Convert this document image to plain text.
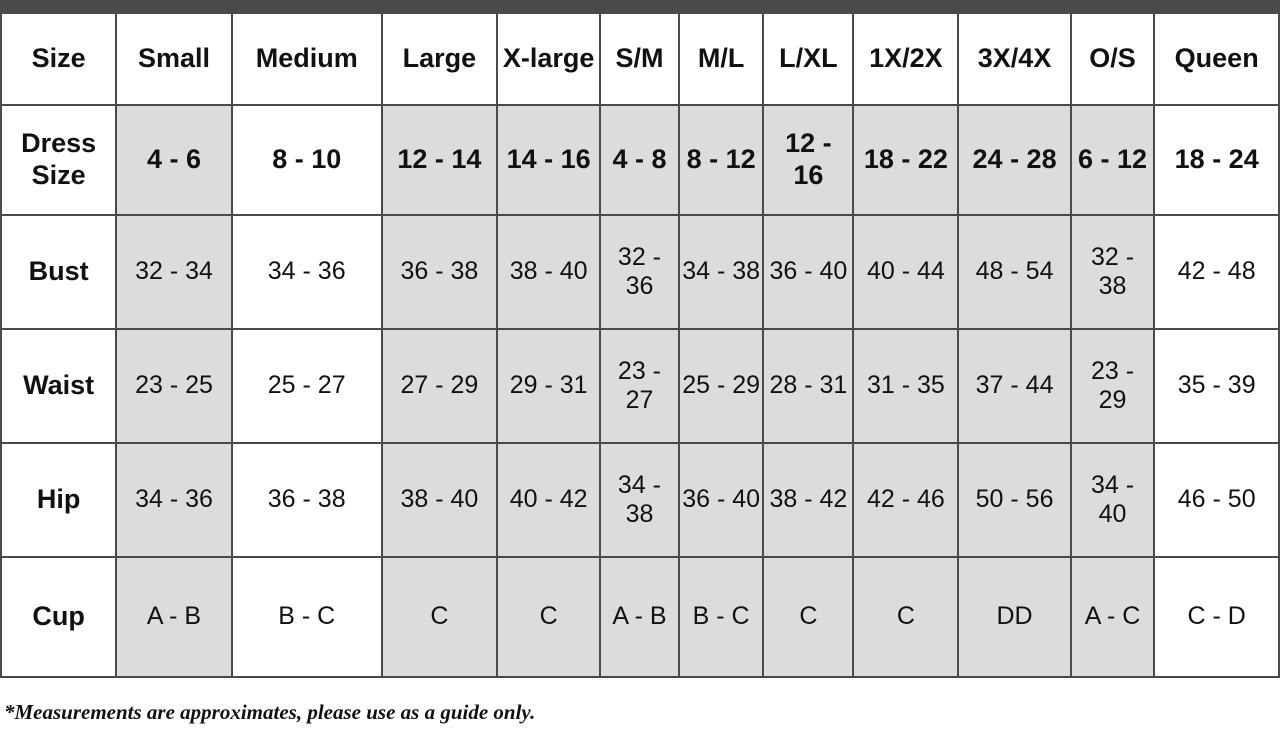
Size	Small	Medium	Large	X-large	S/M	M/L	L/XL	1X/2X	3X/4X	O/S	Queen
Dress Size	4 - 6	8 - 10	12 - 14	14 - 16	4 - 8	8 - 12	12 - 16	18 - 22	24 - 28	6 - 12	18 - 24
Bust	32 - 34	34 - 36	36 - 38	38 - 40	32 - 36	34 - 38	36 - 40	40 - 44	48 - 54	32 - 38	42 - 48
Waist	23 - 25	25 - 27	27 - 29	29 - 31	23 - 27	25 - 29	28 - 31	31 - 35	37 - 44	23 - 29	35 - 39
Hip	34 - 36	36 - 38	38 - 40	40 - 42	34 - 38	36 - 40	38 - 42	42 - 46	50 - 56	34 - 40	46 - 50
Cup	A - B	B - C	C	C	A - B	B - C	C	C	DD	A - C	C - D
*Measurements are approximates, please use as a guide only.
